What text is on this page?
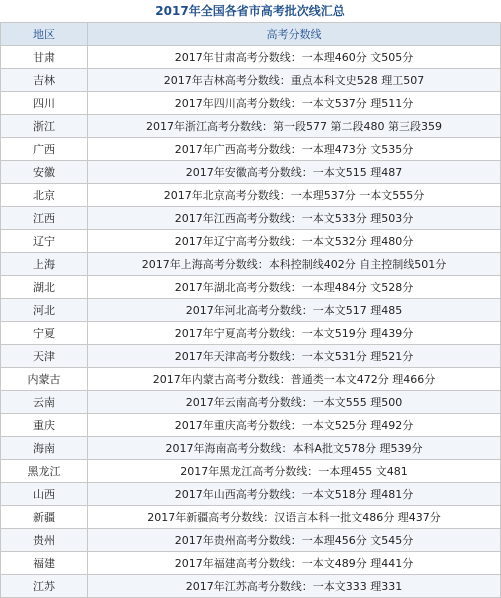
2017年全国各省市高考批次线汇总
地区	高考分数线
甘肃	2017年甘肃高考分数线：一本理460分 文505分
吉林	2017年吉林高考分数线：重点本科文史528 理工507
四川	2017年四川高考分数线：一本文537分 理511分
浙江	2017年浙江高考分数线：第一段577 第二段480 第三段359
广西	2017年广西高考分数线：一本理473分 文535分
安徽	2017年安徽高考分数线：一本文515 理487
北京	2017年北京高考分数线：一本理537分 一本文555分
江西	2017年江西高考分数线：一本文533分 理503分
辽宁	2017年辽宁高考分数线：一本文532分 理480分
上海	2017年上海高考分数线：本科控制线402分 自主控制线501分
湖北	2017年湖北高考分数线：一本理484分 文528分
河北	2017年河北高考分数线：一本文517 理485
宁夏	2017年宁夏高考分数线：一本文519分 理439分
天津	2017年天津高考分数线：一本文531分 理521分
内蒙古	2017年内蒙古高考分数线：普通类一本文472分 理466分
云南	2017年云南高考分数线：一本文555 理500
重庆	2017年重庆高考分数线：一本文525分 理492分
海南	2017年海南高考分数线：本科A批文578分 理539分
黑龙江	2017年黑龙江高考分数线：一本理455 文481
山西	2017年山西高考分数线：一本文518分 理481分
新疆	2017年新疆高考分数线：汉语言本科一批文486分 理437分
贵州	2017年贵州高考分数线：一本理456分 文545分
福建	2017年福建高考分数线：一本文489分 理441分
江苏	2017年江苏高考分数线：一本文333 理331
